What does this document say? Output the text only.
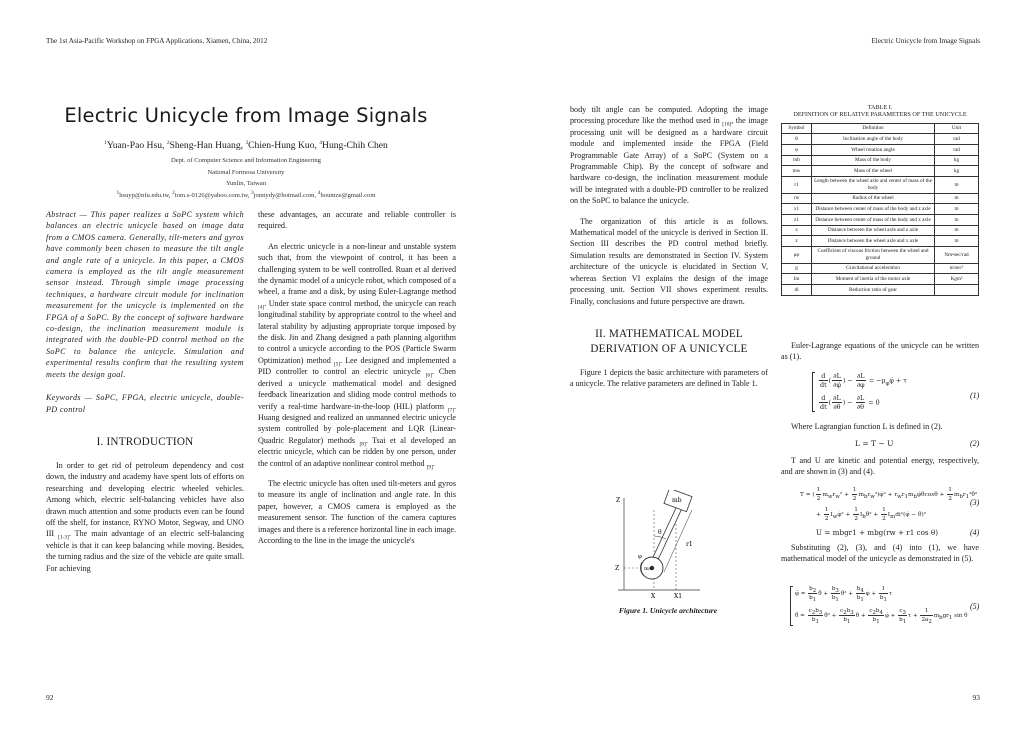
The 1st Asia-Pacific Workshop on FPGA Applications, Xiamen, China, 2012
Electric Unicycle from Image Signals
$^1$Yuan-Pao Hsu, $^2$Sheng-Han Huang, $^3$Chien-Hung Kuo, $^4$Hung-Chih Chen
Dept. of Computer Science and Information Engineering
National Formosa University
Yunlin, Taiwan
$^1$hsuyp@nfu.edu.tw, $^2$tom.s-0126@yahoo.com.tw, $^3$jonnydy@hotmail.com, $^4$houmze@gmail.com

Abstract — This paper realizes a SoPC system which balances an electric unicycle based on image data from a CMOS camera. Generally, tilt-meters and gyros have commonly been chosen to measure the tilt angle and angle rate of a unicycle. In this paper, a CMOS camera is employed as the tilt angle measurement sensor instead. Through simple image processing techniques, a hardware circuit module for inclination measurement for the unicycle is implemented on the FPGA of a SoPC. By the concept of software hardware co-design, the inclination measurement module is integrated with the double-PD control method on the SoPC to balance the unicycle. Simulation and experimental results confirm that the resulting system meets the design goal.

Keywords — SoPC, FPGA, electric unicycle, double-PD control

I. INTRODUCTION

In order to get rid of petroleum dependency and cost down, the industry and academy have spent lots of efforts on researching and developing electric wheeled vehicles. Among which, electric self-balancing vehicles have also drawn much attention and some products even can be found off the shelf, for instance, RYNO Motor, Segway, and UNO III $_{[1-3]}$. The main advantage of an electric self-balancing vehicle is that it can keep balancing while moving. Besides, the turning radius and the size of the vehicle are quite small. For achieving

these advantages, an accurate and reliable controller is required.

An electric unicycle is a non-linear and unstable system such that, from the viewpoint of control, it has been a challenging system to be well controlled. Ruan et al derived the dynamic model of a unicycle robot, which composed of a wheel, a frame and a disk, by using Euler-Lagrange method $_{[4]}$. Under state space control method, the unicycle can reach longitudinal stability by appropriate control to the wheel and lateral stability by adjusting appropriate torque imposed by the disk. Jin and Zhang designed a path planning algorithm to control a unicycle according to the POS (Particle Swarm Optimization) method $_{[5]}$. Lee designed and implemented a PID controller to control an electric unicycle $_{[6]}$. Chen derived a unicycle mathematical model and designed feedback linearization and sliding mode control methods to verify a real-time hardware-in-the-loop (HIL) platform $_{[7]}$. Huang designed and realized an unmanned electric unicycle system controlled by pole-placement and LQR (Linear-Quadric Regulator) methods $_{[8]}$. Tsai et al developed an electric unicycle, which can be ridden by one person, under the control of an adaptive nonlinear control method $_{[9]}$.

The electric unicycle has often used tilt-meters and gyros to measure its angle of inclination and angle rate. In this paper, however, a CMOS camera is employed as the measurement sensor. The function of the camera captures images and there is a reference horizontal line in each image. According to the line in the image the unicycle's

92
Electric Unicycle from Image Signals
93

body tilt angle can be computed. Adopting the image processing procedure like the method used in $_{[10]}$, the image processing unit will be designed as a hardware circuit module and implemented inside the FPGA (Field Programmable Gate Array) of a SoPC (System on a Programmable Chip). By the concept of software and hardware co-design, the inclination measurement module will be integrated with a double-PD controller to be realized on the SoPC to balance the unicycle.

The organization of this article is as follows. Mathematical model of the unicycle is derived in Section II. Section III describes the PD control method briefly. Simulation results are demonstrated in Section IV. System architecture of the unicycle is elucidated in Section V, whereas Section VI explains the design of the image processing unit. Section VII shows experiment results. Finally, conclusions and future perspective are drawn.

II. MATHEMATICAL MODEL
DERIVATION OF A UNICYCLE

Figure 1 depicts the basic architecture with parameters of a unicycle. The relative parameters are defined in Table 1.

Z	mb
θ
r1
Z	mw
φ
X	X1
Figure 1. Unicycle architecture
TABLE I.
DEFINITION OF RELATIVE PARAMETERS OF THE UNICYCLE
Symbol	Definition	Unit
θ	Inclination angle of the body	rad
φ	Wheel rotation angle	rad
mb	Mass of the body	kg
mw	Mass of the wheel	kg
r1	Length between the wheel axle and center of mass of the body	m
rw	Radius of the wheel	m
x1	Distance between center of mass of the body and z axle	m
z1	Distance between center of mass of the body and x axle	m
x	Distance between the wheel axle and z axle	m
z	Distance between the wheel axle and x axle	m
μφ	Coefficient of viscous friction between the wheel and ground	Nm•sec/rad
g	Gravitational acceleration	m/sec²
Im	Moment of inertia of the motor axle	Kgm²
di	Reduction ratio of gear	

Euler-Lagrange equations of the unicycle can be written as (1).

$\frac{d}{dt}$ ( $\frac{\partial L}{\partial\varphi̇}$ ) − $\frac{\partial L}{\partial\varphi}$ = $-\mu_\varphi\varphi̇ + \tau$
$\frac{d}{dt}$ ( $\frac{\partial L}{\partial\thetȧ}$ ) − $\frac{\partial L}{\partial\theta} = 0$
(1)

Where Lagrangian function L is defined in (2).

L = T − U	(2)

T and U are kinetic and potential energy, respectively, and are shown in (3) and (4).

T = ( $\frac{1}{2}$ mwrw² + $\frac{1}{2}$ mbrw²)φ̇² + rwr1mbφ̇θ̇cosθ + $\frac{1}{2}$ mbr1²θ̇²
+ $\frac{1}{2}$ Iwφ̇² + $\frac{1}{2}$ Ibθ̇² + $\frac{1}{2}$ Imdi²(φ̇ − θ̇)²
(3)
U = mbgr1 + mbg(rw + r1 cos θ)	(4)

Substituting (2), (3), and (4) into (1), we have mathematical model of the unicycle as demonstrated in (5).

φ̈ = $\frac{b2}{b1}$ θ̈ + $\frac{b3}{b1}$ θ̇² + $\frac{b4}{b1}$ φ̇ + $\frac{1}{b1}$ τ
θ̈ = $\frac{c2b3}{b1}$ θ̇² + $\frac{c2b3}{b1}$ θ̇ + $\frac{c2b4}{b1}$ φ̇ + $\frac{c3}{b1}$ $\tau + \frac{1}{2a2}$ mbgr1 sin θ
(5)
